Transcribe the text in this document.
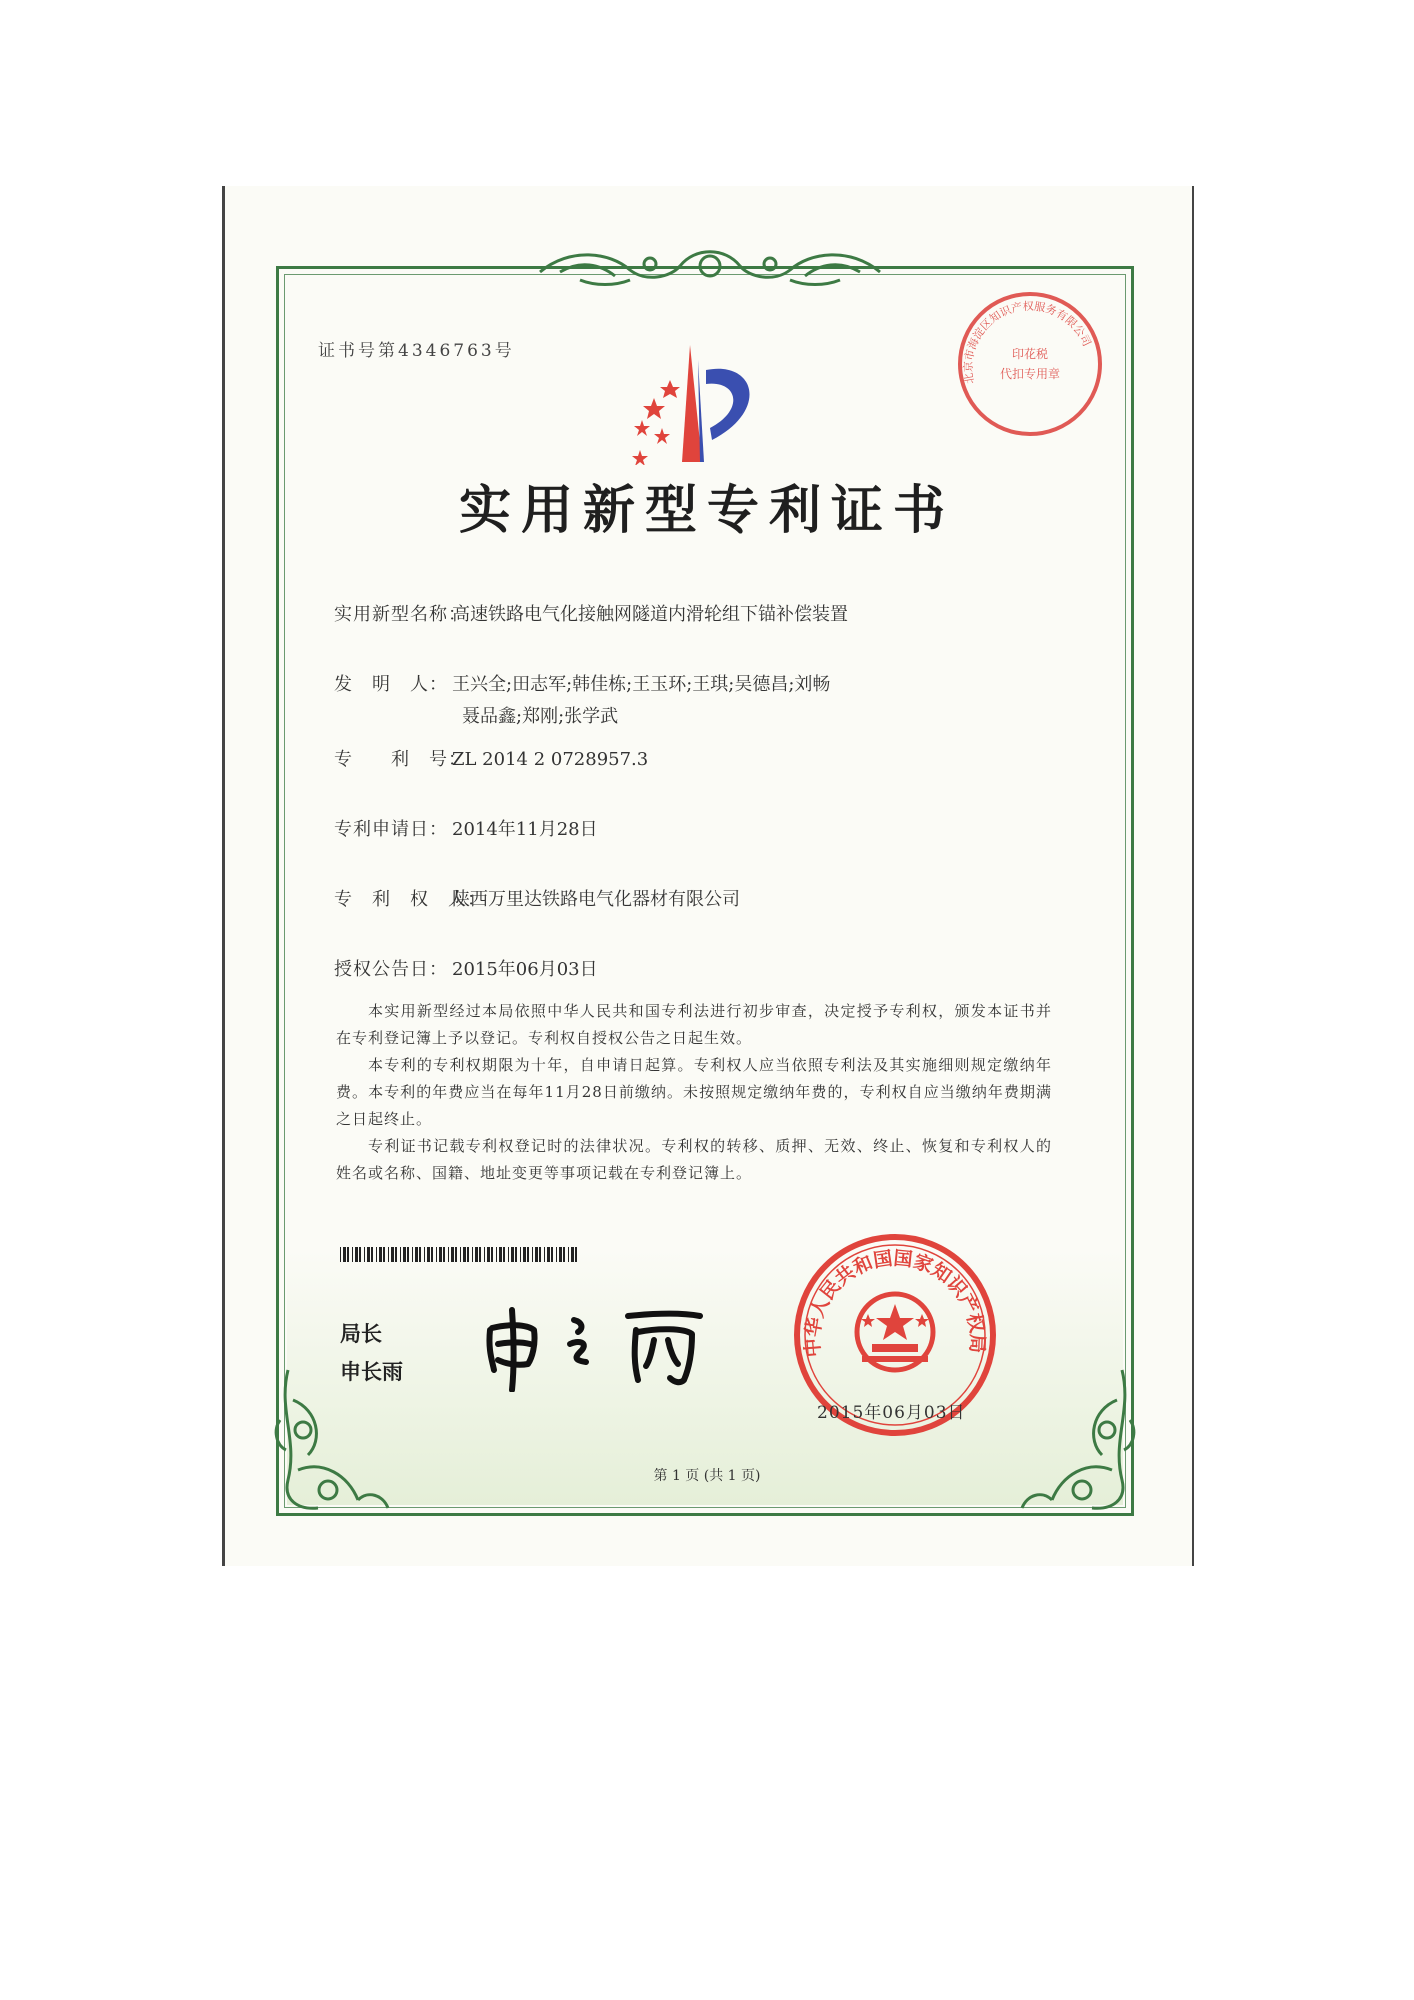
证书号第4346763号
实用新型专利证书
实用新型名称：高速铁路电气化接触网隧道内滑轮组下锚补偿装置
发　明　人： 王兴全;田志军;韩佳栋;王玉环;王琪;吴德昌;刘畅
聂品鑫;郑刚;张学武
专　　利　号：ZL 2014 2 0728957.3
专利申请日： 2014年11月28日
专　利　权　人：陕西万里达铁路电气化器材有限公司
授权公告日： 2015年06月03日

本实用新型经过本局依照中华人民共和国专利法进行初步审查，决定授予专利权，颁发本证书并在专利登记簿上予以登记。专利权自授权公告之日起生效。

本专利的专利权期限为十年，自申请日起算。专利权人应当依照专利法及其实施细则规定缴纳年费。本专利的年费应当在每年11月28日前缴纳。未按照规定缴纳年费的，专利权自应当缴纳年费期满之日起终止。

专利证书记载专利权登记时的法律状况。专利权的转移、质押、无效、终止、恢复和专利权人的姓名或名称、国籍、地址变更等事项记载在专利登记簿上。

局长
申长雨
中华人民共和国国家知识产权局
2015年06月03日
北京市海淀区知识产权服务有限公司
印花税
代扣专用章
第 1 页 (共 1 页)
